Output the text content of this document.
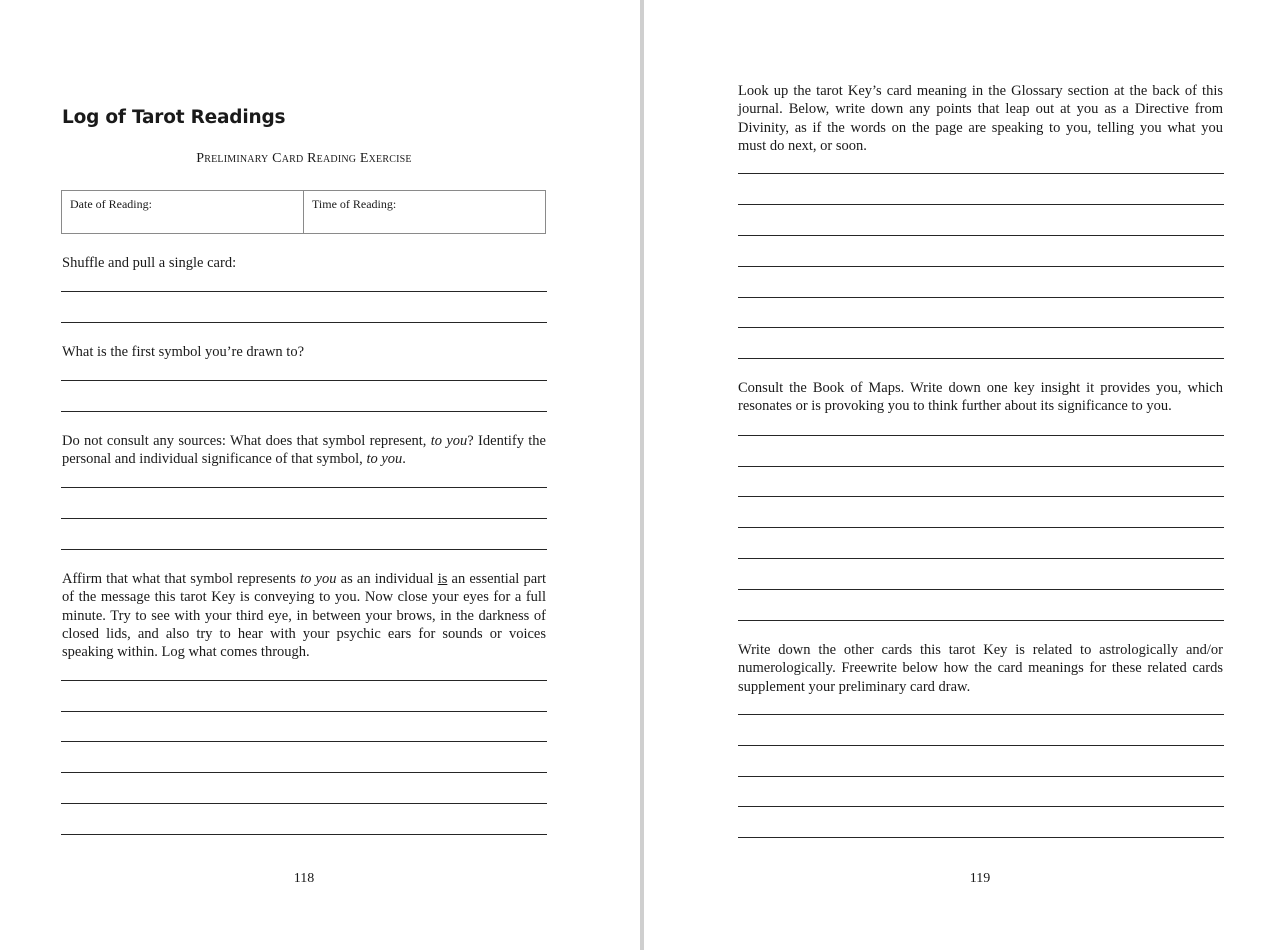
Log of Tarot Readings
Preliminary Card Reading Exercise
Date of Reading:	Time of Reading:
Shuffle and pull a single card:
What is the first symbol you’re drawn to?
Do not consult any sources: What does that symbol represent, to you? Identify the personal and individual significance of that symbol, to you.
Affirm that what that symbol represents to you as an individual is an essential part of the message this tarot Key is conveying to you. Now close your eyes for a full minute. Try to see with your third eye, in between your brows, in the darkness of closed lids, and also try to hear with your psychic ears for sounds or voices speaking within. Log what comes through.
118
Look up the tarot Key’s card meaning in the Glossary section at the back of this journal. Below, write down any points that leap out at you as a Directive from Divinity, as if the words on the page are speaking to you, telling you what you must do next, or soon.
Consult the Book of Maps. Write down one key insight it provides you, which resonates or is provoking you to think further about its significance to you.
Write down the other cards this tarot Key is related to astrologically and/or numerologically. Freewrite below how the card meanings for these related cards supplement your preliminary card draw.
119
